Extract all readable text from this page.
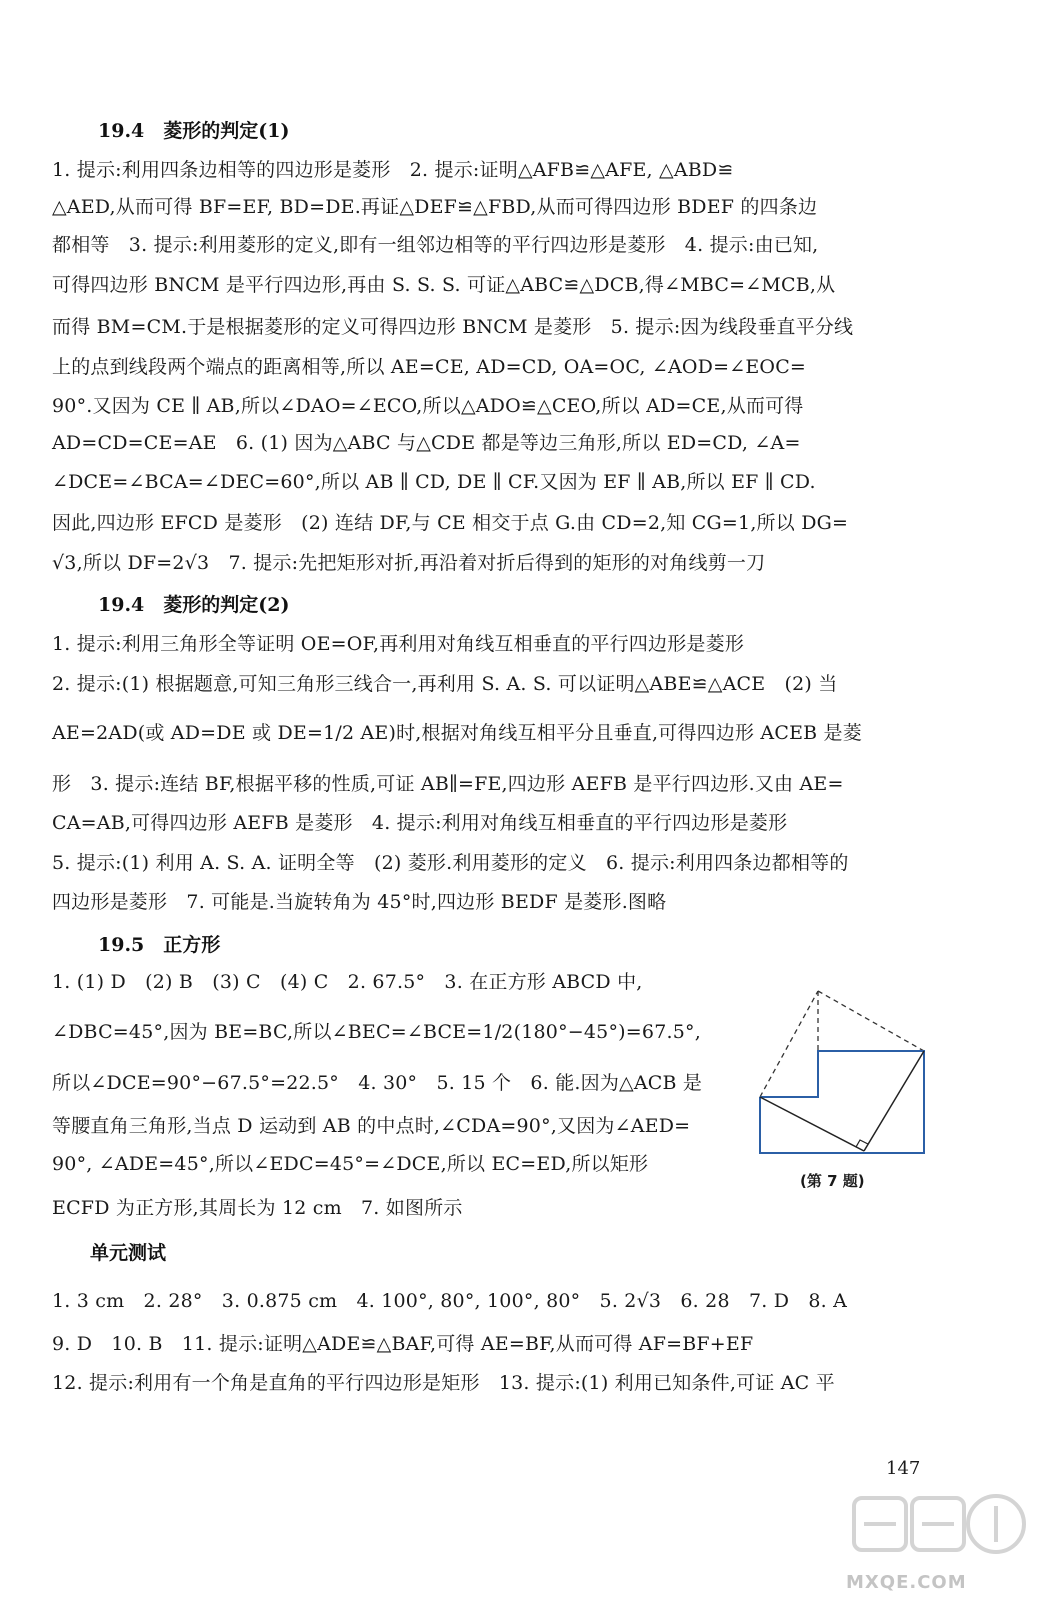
19.4　菱形的判定(1)
1. 提示:利用四条边相等的四边形是菱形　2. 提示:证明△AFB≌△AFE, △ABD≌
△AED,从而可得 BF=EF, BD=DE.再证△DEF≌△FBD,从而可得四边形 BDEF 的四条边
都相等　3. 提示:利用菱形的定义,即有一组邻边相等的平行四边形是菱形　4. 提示:由已知,
可得四边形 BNCM 是平行四边形,再由 S. S. S. 可证△ABC≌△DCB,得∠MBC=∠MCB,从
而得 BM=CM.于是根据菱形的定义可得四边形 BNCM 是菱形　5. 提示:因为线段垂直平分线
上的点到线段两个端点的距离相等,所以 AE=CE, AD=CD, OA=OC, ∠AOD=∠EOC=
90°.又因为 CE ∥ AB,所以∠DAO=∠ECO,所以△ADO≌△CEO,所以 AD=CE,从而可得
AD=CD=CE=AE　6. (1) 因为△ABC 与△CDE 都是等边三角形,所以 ED=CD, ∠A=
∠DCE=∠BCA=∠DEC=60°,所以 AB ∥ CD, DE ∥ CF.又因为 EF ∥ AB,所以 EF ∥ CD.
因此,四边形 EFCD 是菱形　(2) 连结 DF,与 CE 相交于点 G.由 CD=2,知 CG=1,所以 DG=
√3,所以 DF=2√3　7. 提示:先把矩形对折,再沿着对折后得到的矩形的对角线剪一刀
19.4　菱形的判定(2)
1. 提示:利用三角形全等证明 OE=OF,再利用对角线互相垂直的平行四边形是菱形
2. 提示:(1) 根据题意,可知三角形三线合一,再利用 S. A. S. 可以证明△ABE≌△ACE　(2) 当
AE=2AD(或 AD=DE 或 DE=1/2 AE)时,根据对角线互相平分且垂直,可得四边形 ACEB 是菱
形　3. 提示:连结 BF,根据平移的性质,可证 AB∥=FE,四边形 AEFB 是平行四边形.又由 AE=
CA=AB,可得四边形 AEFB 是菱形　4. 提示:利用对角线互相垂直的平行四边形是菱形
5. 提示:(1) 利用 A. S. A. 证明全等　(2) 菱形.利用菱形的定义　6. 提示:利用四条边都相等的
四边形是菱形　7. 可能是.当旋转角为 45°时,四边形 BEDF 是菱形.图略
19.5　正方形
1. (1) D　(2) B　(3) C　(4) C　2. 67.5°　3. 在正方形 ABCD 中,
∠DBC=45°,因为 BE=BC,所以∠BEC=∠BCE=1/2(180°−45°)=67.5°,
所以∠DCE=90°−67.5°=22.5°　4. 30°　5. 15 个　6. 能.因为△ACB 是
等腰直角三角形,当点 D 运动到 AB 的中点时,∠CDA=90°,又因为∠AED=
90°, ∠ADE=45°,所以∠EDC=45°=∠DCE,所以 EC=ED,所以矩形
ECFD 为正方形,其周长为 12 cm　7. 如图所示
(第 7 题)
单元测试
1. 3 cm　2. 28°　3. 0.875 cm　4. 100°, 80°, 100°, 80°　5. 2√3　6. 28　7. D　8. A
9. D　10. B　11. 提示:证明△ADE≌△BAF,可得 AE=BF,从而可得 AF=BF+EF
12. 提示:利用有一个角是直角的平行四边形是矩形　13. 提示:(1) 利用已知条件,可证 AC 平
147
MXQE.COM
